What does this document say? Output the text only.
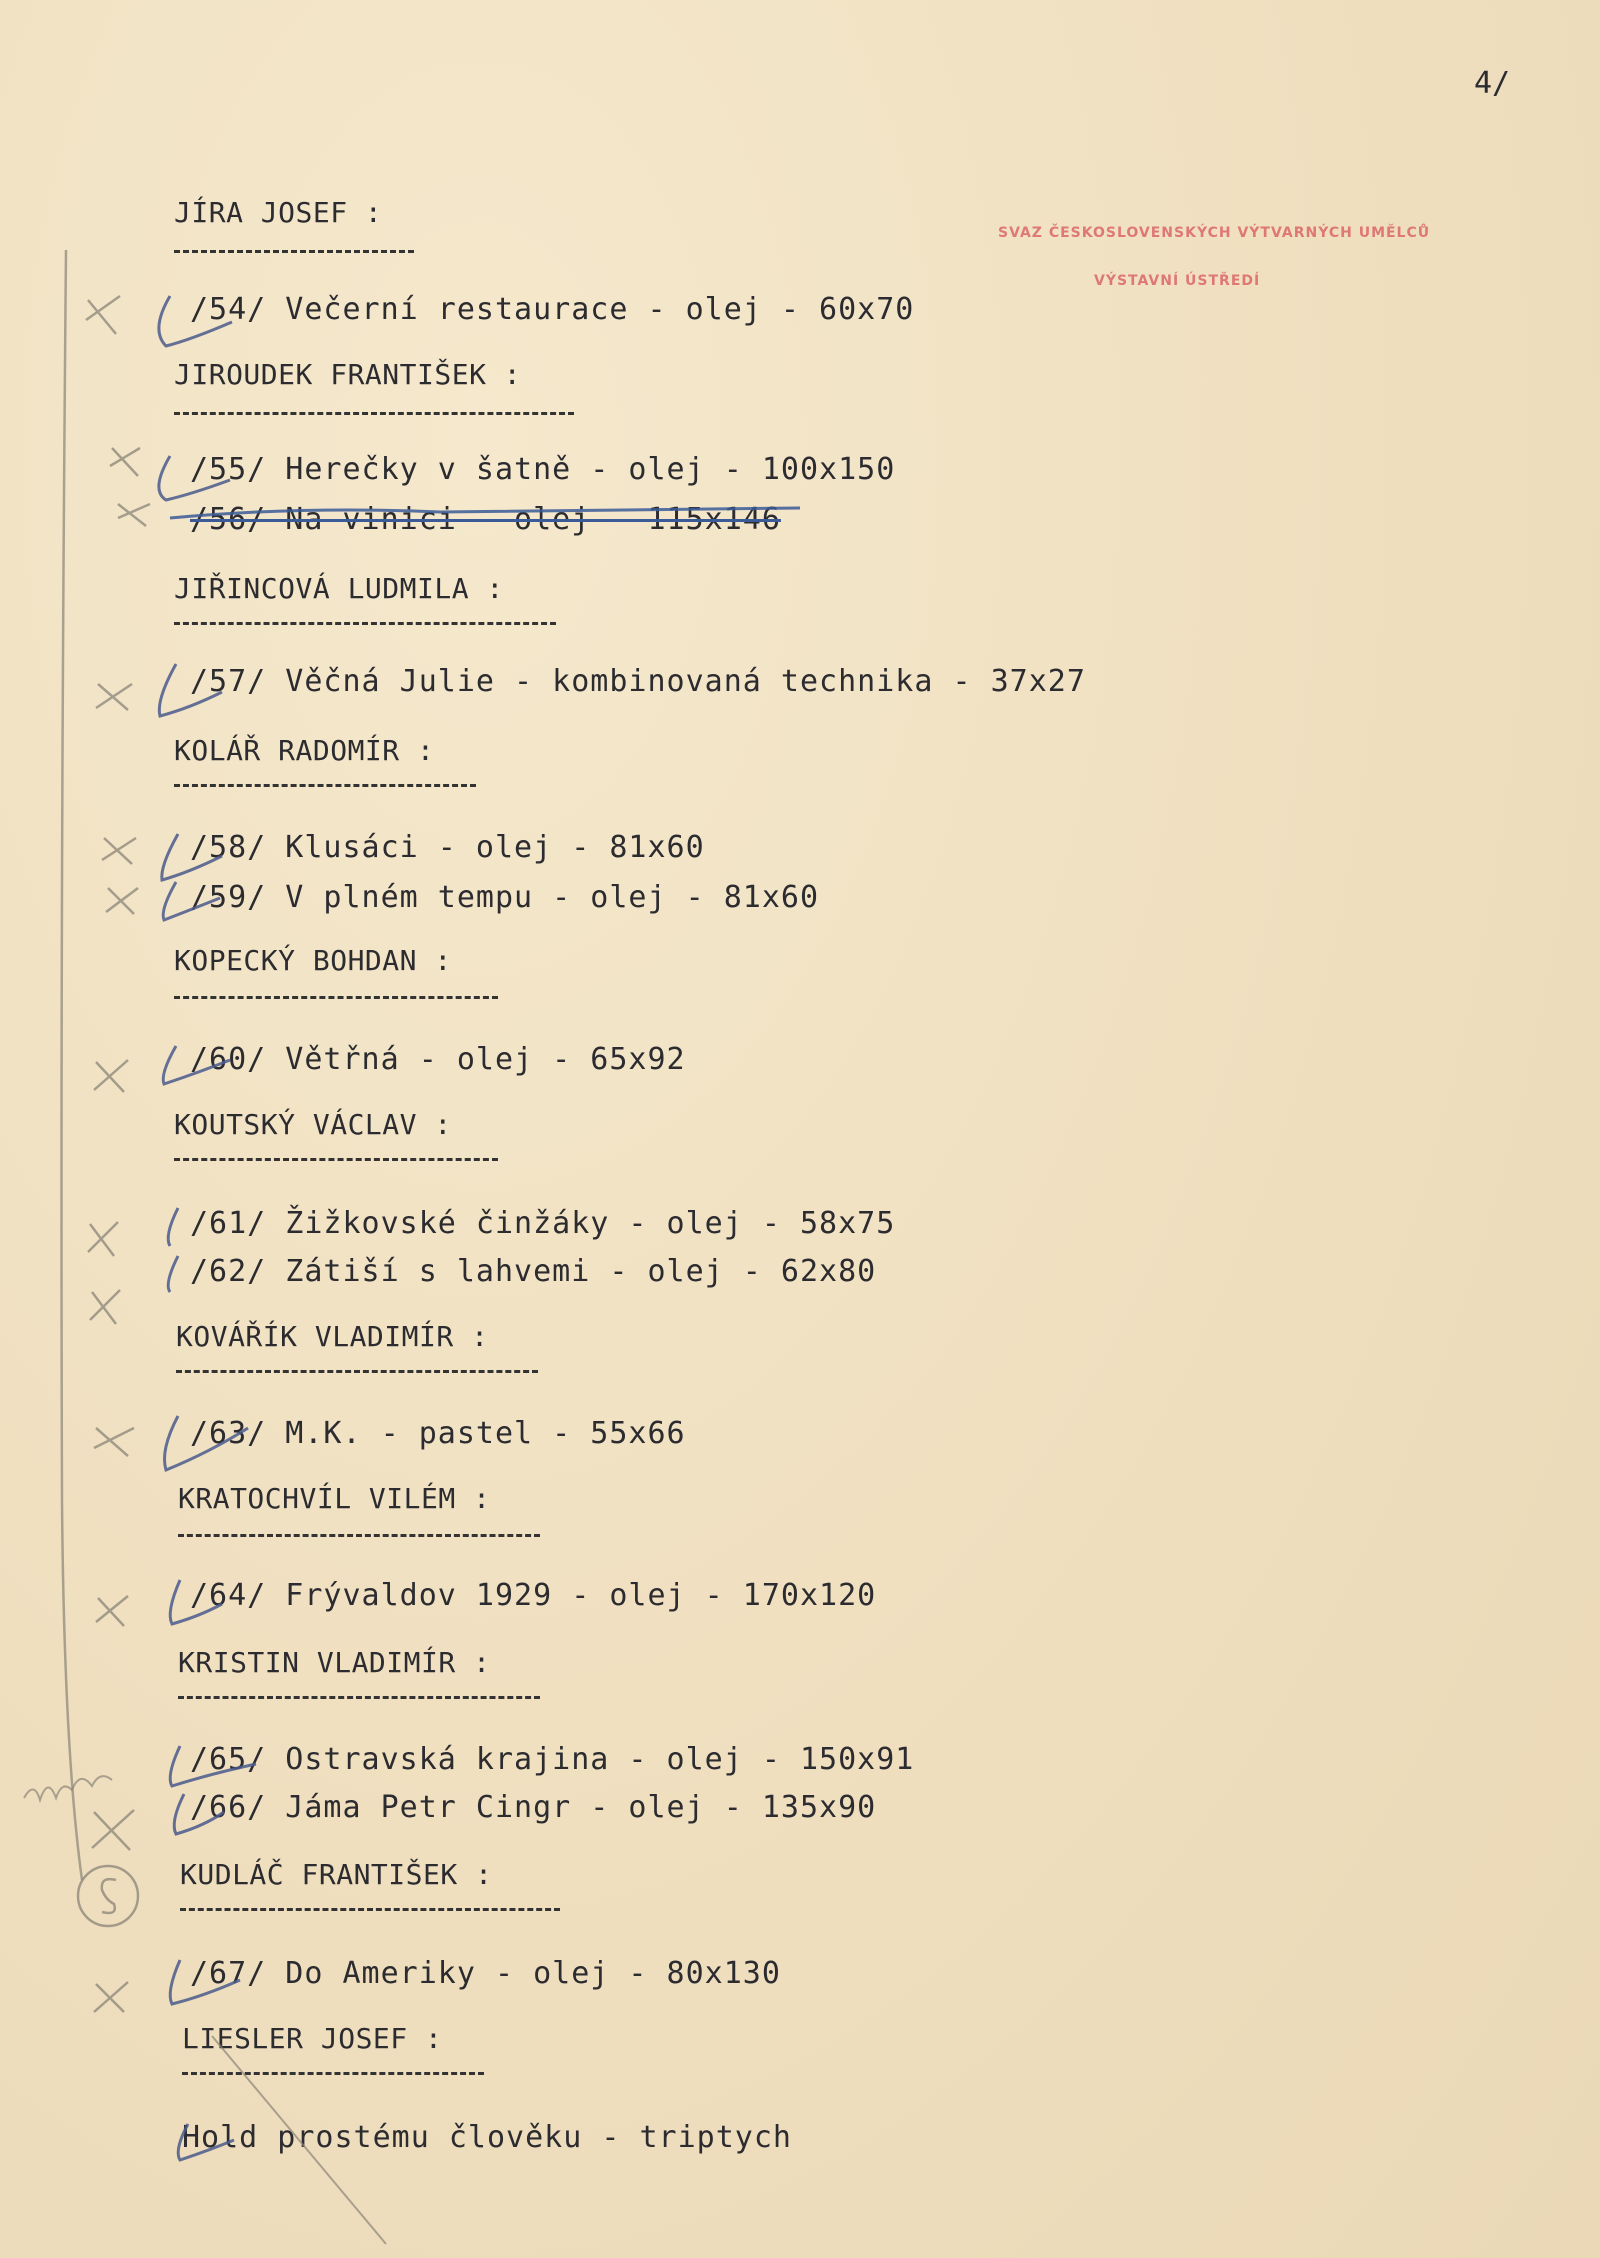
4/

SVAZ ČESKOSLOVENSKÝCH VÝTVARNÝCH UMĚLCŮ

VÝSTAVNÍ ÚSTŘEDÍ

JÍRA JOSEF :
/54/ Večerní restaurace - olej - 60x70
JIROUDEK FRANTIŠEK :
/55/ Herečky v šatně - olej - 100x150
/56/ Na vinici - olej - 115x146
JIŘINCOVÁ LUDMILA :
/57/ Věčná Julie - kombinovaná technika - 37x27
KOLÁŘ RADOMÍR :
/58/ Klusáci - olej - 81x60
/59/ V plném tempu - olej - 81x60
KOPECKÝ BOHDAN :
/60/ Větřná - olej - 65x92
KOUTSKÝ VÁCLAV :
/61/ Žižkovské činžáky - olej - 58x75
/62/ Zátiší s lahvemi - olej - 62x80
KOVÁŘÍK VLADIMÍR :
/63/ M.K. - pastel - 55x66
KRATOCHVÍL VILÉM :
/64/ Frývaldov 1929 - olej - 170x120
KRISTIN VLADIMÍR :
/65/ Ostravská krajina - olej - 150x91
/66/ Jáma Petr Cingr - olej - 135x90
KUDLÁČ FRANTIŠEK :
/67/ Do Ameriky - olej - 80x130
LIESLER JOSEF :
Hold prostému člověku - triptych
